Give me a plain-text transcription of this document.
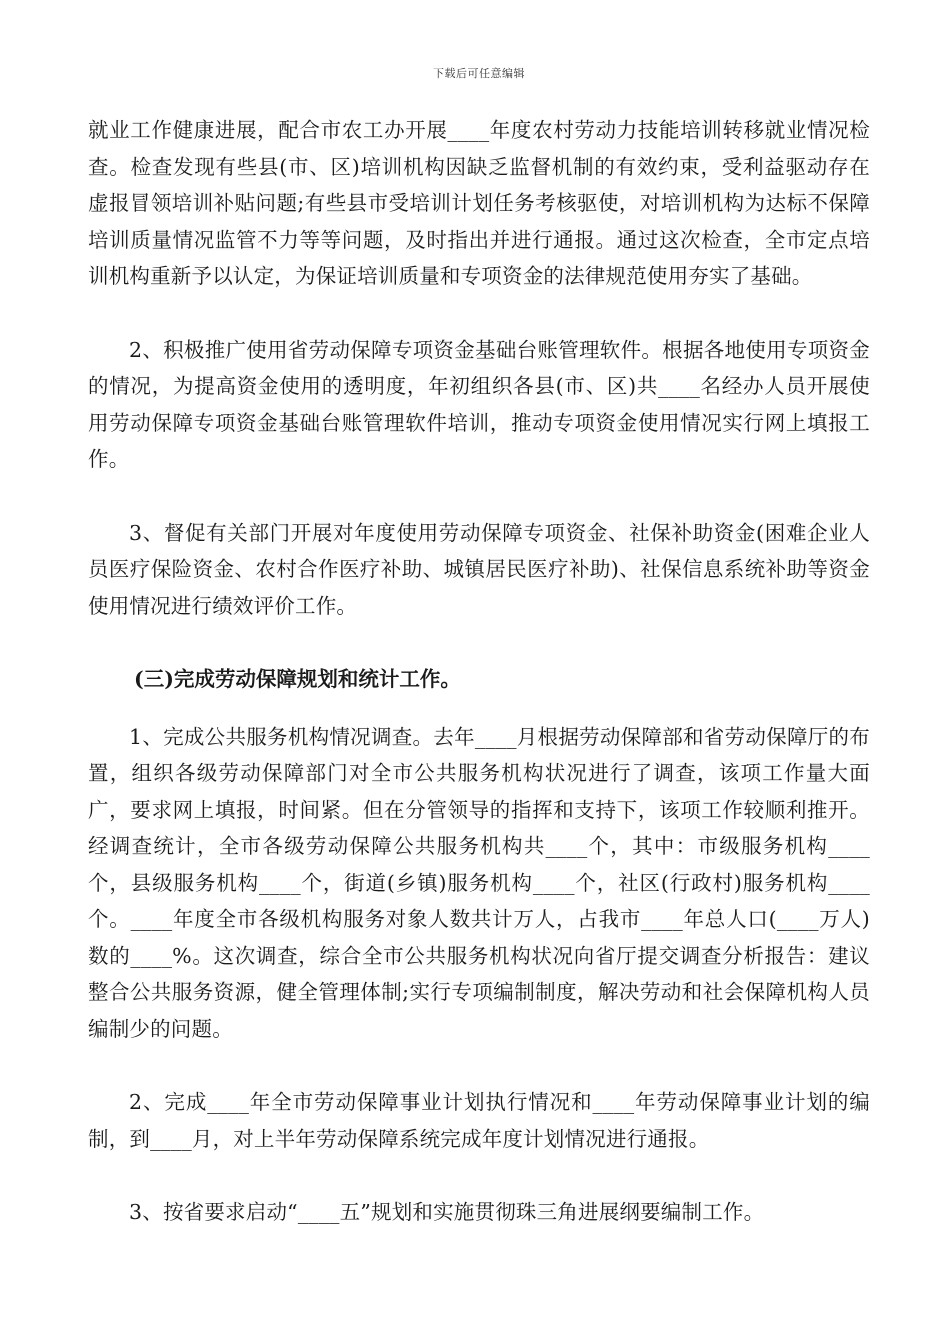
下载后可任意编辑

就业工作健康进展，配合市农工办开展____年度农村劳动力技能培训转移就业情况检查。检查发现有些县(市、区)培训机构因缺乏监督机制的有效约束，受利益驱动存在虚报冒领培训补贴问题;有些县市受培训计划任务考核驱使，对培训机构为达标不保障培训质量情况监管不力等等问题，及时指出并进行通报。通过这次检查，全市定点培训机构重新予以认定，为保证培训质量和专项资金的法律规范使用夯实了基础。

2、积极推广使用省劳动保障专项资金基础台账管理软件。根据各地使用专项资金的情况，为提高资金使用的透明度，年初组织各县(市、区)共____名经办人员开展使用劳动保障专项资金基础台账管理软件培训，推动专项资金使用情况实行网上填报工作。

3、督促有关部门开展对年度使用劳动保障专项资金、社保补助资金(困难企业人员医疗保险资金、农村合作医疗补助、城镇居民医疗补助)、社保信息系统补助等资金使用情况进行绩效评价工作。

(三)完成劳动保障规划和统计工作。

1、完成公共服务机构情况调查。去年____月根据劳动保障部和省劳动保障厅的布置，组织各级劳动保障部门对全市公共服务机构状况进行了调查，该项工作量大面广，要求网上填报，时间紧。但在分管领导的指挥和支持下，该项工作较顺利推开。经调查统计，全市各级劳动保障公共服务机构共____个，其中：市级服务机构____个，县级服务机构____个，街道(乡镇)服务机构____个，社区(行政村)服务机构____个。____年度全市各级机构服务对象人数共计万人，占我市____年总人口(____万人)数的____%。这次调查，综合全市公共服务机构状况向省厅提交调查分析报告：建议整合公共服务资源，健全管理体制;实行专项编制制度，解决劳动和社会保障机构人员编制少的问题。

2、完成____年全市劳动保障事业计划执行情况和____年劳动保障事业计划的编制，到____月，对上半年劳动保障系统完成年度计划情况进行通报。

3、按省要求启动“____五”规划和实施贯彻珠三角进展纲要编制工作。
